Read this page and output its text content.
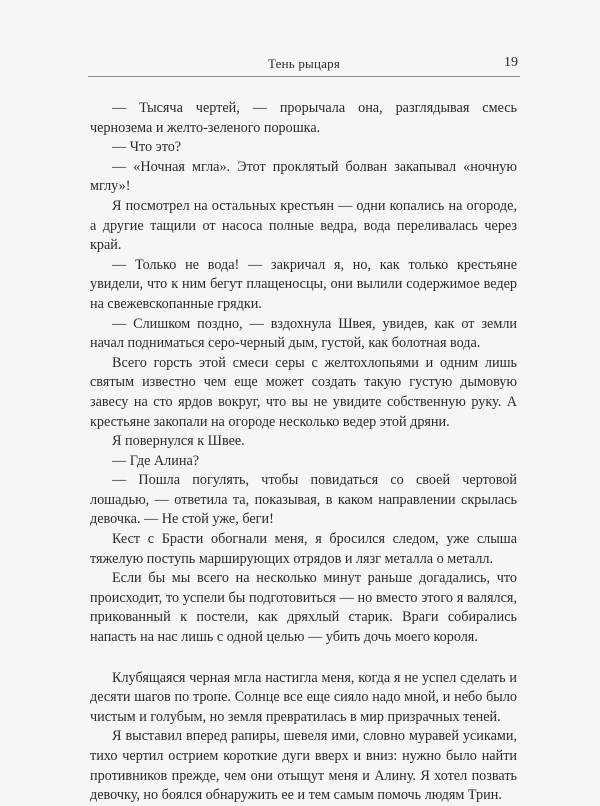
Тень рыцаря	19

— Тысяча чертей, — прорычала она, разглядывая смесь чернозема и желто-зеленого порошка.

— Что это?

— «Ночная мгла». Этот проклятый болван закапывал «ночную мглу»!

Я посмотрел на остальных крестьян — одни копались на огороде, а другие тащили от насоса полные ведра, вода переливалась через край.

— Только не вода! — закричал я, но, как только крестьяне увидели, что к ним бегут плащеносцы, они вылили содержимое ведер на свежевскопанные грядки.

— Слишком поздно, — вздохнула Швея, увидев, как от земли начал подниматься серо-черный дым, густой, как болотная вода.

Всего горсть этой смеси серы с желтохлопьями и одним лишь святым известно чем еще может создать такую густую дымовую завесу на сто ярдов вокруг, что вы не увидите собственную руку. А крестьяне закопали на огороде несколько ведер этой дряни.

Я повернулся к Швее.

— Где Алина?

— Пошла погулять, чтобы повидаться со своей чертовой лошадью, — ответила та, показывая, в каком направлении скрылась девочка. — Не стой уже, беги!

Кест с Брасти обогнали меня, я бросился следом, уже слыша тяжелую поступь марширующих отрядов и лязг металла о металл.

Если бы мы всего на несколько минут раньше догадались, что происходит, то успели бы подготовиться — но вместо этого я валялся, прикованный к постели, как дряхлый старик. Враги собирались напасть на нас лишь с одной целью — убить дочь моего короля.

Клубящаяся черная мгла настигла меня, когда я не успел сделать и десяти шагов по тропе. Солнце все еще сияло надо мной, и небо было чистым и голубым, но земля превратилась в мир призрачных теней.

Я выставил вперед рапиры, шевеля ими, словно муравей усиками, тихо чертил острием короткие дуги вверх и вниз: нужно было найти противников прежде, чем они отыщут меня и Алину. Я хотел позвать девочку, но боялся обнаружить ее и тем самым помочь людям Трин.
